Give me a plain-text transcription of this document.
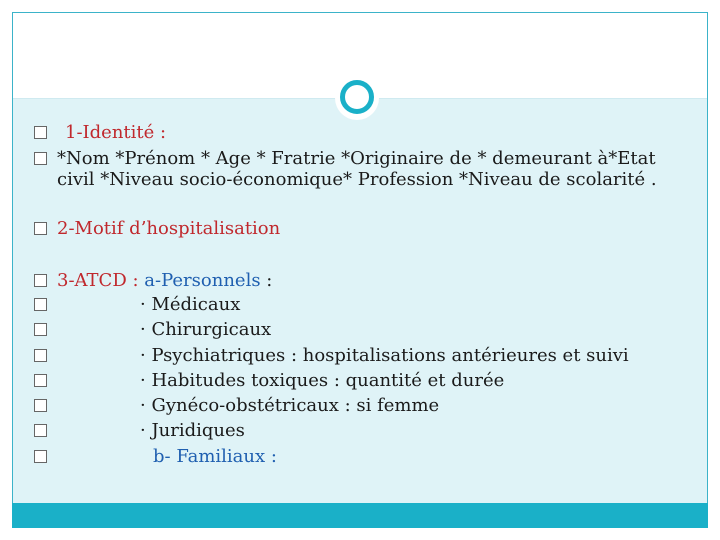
1-Identité :
*Nom *Prénom * Age * Fratrie *Originaire de * demeurant à*Etat
civil *Niveau socio-économique* Profession *Niveau de scolarité .
2-Motif d’hospitalisation
3-ATCD : a-Personnels :
· Médicaux
· Chirurgicaux
· Psychiatriques : hospitalisations antérieures et suivi
· Habitudes toxiques : quantité et durée
· Gynéco-obstétricaux : si femme
· Juridiques
b- Familiaux :
